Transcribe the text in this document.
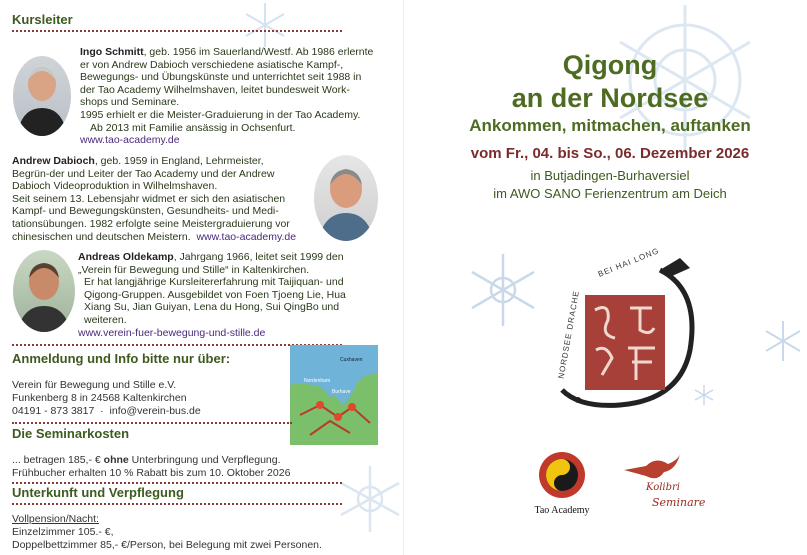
Kursleiter
Ingo Schmitt, geb. 1956 im Sauerland/Westf. Ab 1986 erlernte
er von Andrew Dabioch verschiedene asiatische Kampf-,
Bewegungs- und Übungskünste und unterrichtet seit 1988 in
der Tao Academy Wilhelmshaven, leitet bundesweit Work-
shops und Seminare.
1995 erhielt er die Meister-Graduierung in der Tao Academy.
Ab 2013 mit Familie ansässig in Ochsenfurt.
www.tao-academy.de
Andrew Dabioch, geb. 1959 in England, Lehrmeister,
Begrün-der und Leiter der Tao Academy und der Andrew
Dabioch Videoproduktion in Wilhelmshaven.
Seit seinem 13. Lebensjahr widmet er sich den asiatischen
Kampf- und Bewegungskünsten, Gesundheits- und Medi-
tationsübungen. 1982 erfolgte seine Meistergraduierung vor
chinesischen und deutschen Meistern. www.tao-academy.de
Andreas Oldekamp, Jahrgang 1966, leitet seit 1999 den
„Verein für Bewegung und Stille“ in Kaltenkirchen.
Er hat langjährige Kursleitererfahrung mit Taijiquan- und
Qigong-Gruppen. Ausgebildet von Foen Tjoeng Lie, Hua
Xiang Su, Jian Guiyan, Lena du Hong, Sui QingBo und
weiteren.
www.verein-fuer-bewegung-und-stille.de
Anmeldung und Info bitte nur über:
Verein für Bewegung und Stille e.V.
Funkenberg 8 in 24568 Kaltenkirchen
04191 - 873 3817 · info@verein-bus.de
Cuxhaven
Nordenham
Burhave
Die Seminarkosten
... betragen 185,- € ohne Unterbringung und Verpflegung.
Frühbucher erhalten 10 % Rabatt bis zum 10. Oktober 2026
Unterkunft und Verpflegung
Vollpension/Nacht:
Einzelzimmer 105.- €,
Doppelbettzimmer 85,- €/Person, bei Belegung mit zwei Personen.
Qigong
an der Nordsee
Ankommen, mitmachen, auftanken
vom Fr., 04. bis So., 06. Dezember 2026
in Butjadingen-Burhaversiel
im AWO SANO Ferienzentrum am Deich
BEI HAI LONG
NORDSEE DRACHE
Tao Academy
Kolibri
Seminare
